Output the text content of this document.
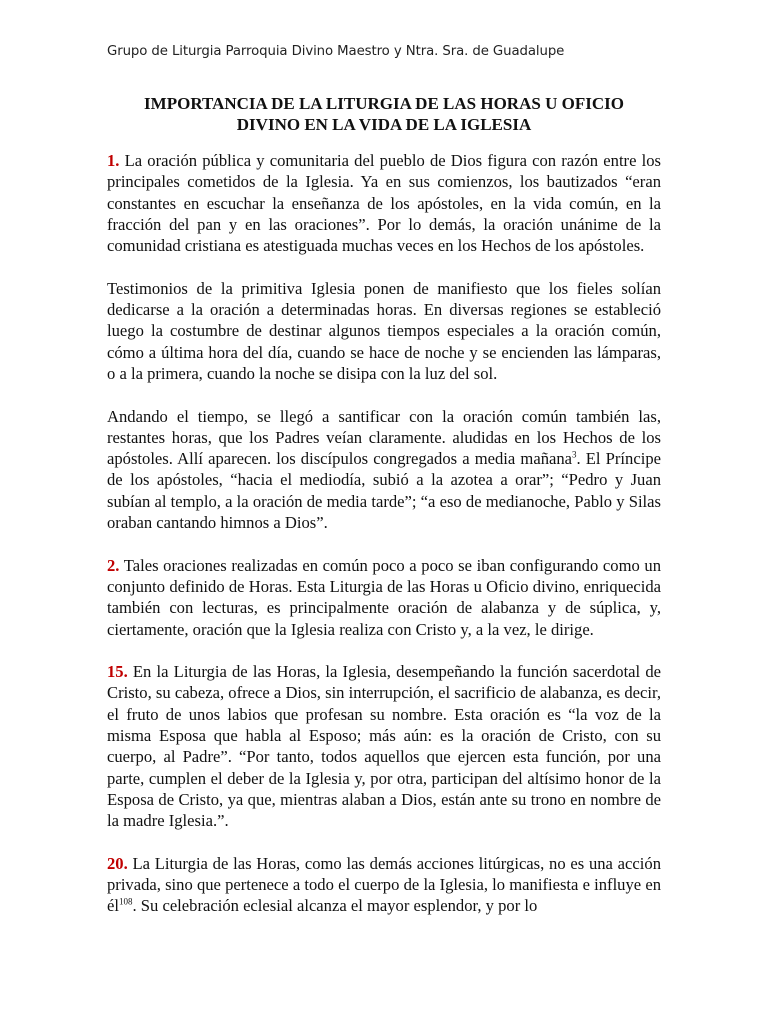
Grupo de Liturgia Parroquia Divino Maestro y Ntra. Sra. de Guadalupe
IMPORTANCIA DE LA LITURGIA DE LAS HORAS U OFICIO
DIVINO EN LA VIDA DE LA IGLESIA

1. La oración pública y comunitaria del pueblo de Dios figura con razón entre los principales cometidos de la Iglesia. Ya en sus comienzos, los bautizados “eran constantes en escuchar la enseñanza de los apóstoles, en la vida común, en la fracción del pan y en las oraciones”. Por lo demás, la oración unánime de la comunidad cristiana es atestiguada muchas veces en los Hechos de los apóstoles.

Testimonios de la primitiva Iglesia ponen de manifiesto que los fieles solían dedicarse a la oración a determinadas horas. En diversas regiones se estableció luego la costumbre de destinar algunos tiempos especiales a la oración común, cómo a última hora del día, cuando se hace de noche y se encienden las lámparas, o a la primera, cuando la noche se disipa con la luz del sol.

Andando el tiempo, se llegó a santificar con la oración común también las, restantes horas, que los Padres veían claramente. aludidas en los Hechos de los apóstoles. Allí aparecen. los discípulos congregados a media mañana$^3$. El Príncipe de los apóstoles, “hacia el mediodía, subió a la azotea a orar”; “Pedro y Juan subían al templo, a la oración de media tarde”; “a eso de medianoche, Pablo y Silas oraban cantando himnos a Dios”.

2. Tales oraciones realizadas en común poco a poco se iban configurando como un conjunto definido de Horas. Esta Liturgia de las Horas u Oficio divino, enriquecida también con lecturas, es principalmente oración de alabanza y de súplica, y, ciertamente, oración que la Iglesia realiza con Cristo y, a la vez, le dirige.

15. En la Liturgia de las Horas, la Iglesia, desempeñando la función sacerdotal de Cristo, su cabeza, ofrece a Dios, sin interrupción, el sacrificio de alabanza, es decir, el fruto de unos labios que profesan su nombre. Esta oración es “la voz de la misma Esposa que habla al Esposo; más aún: es la oración de Cristo, con su cuerpo, al Padre”. “Por tanto, todos aquellos que ejercen esta función, por una parte, cumplen el deber de la Iglesia y, por otra, participan del altísimo honor de la Esposa de Cristo, ya que, mientras alaban a Dios, están ante su trono en nombre de la madre Iglesia.”.

20. La Liturgia de las Horas, como las demás acciones litúrgicas, no es una acción privada, sino que pertenece a todo el cuerpo de la Iglesia, lo manifiesta e influye en $él^{108}$. Su celebración eclesial alcanza el mayor esplendor, y por lo
